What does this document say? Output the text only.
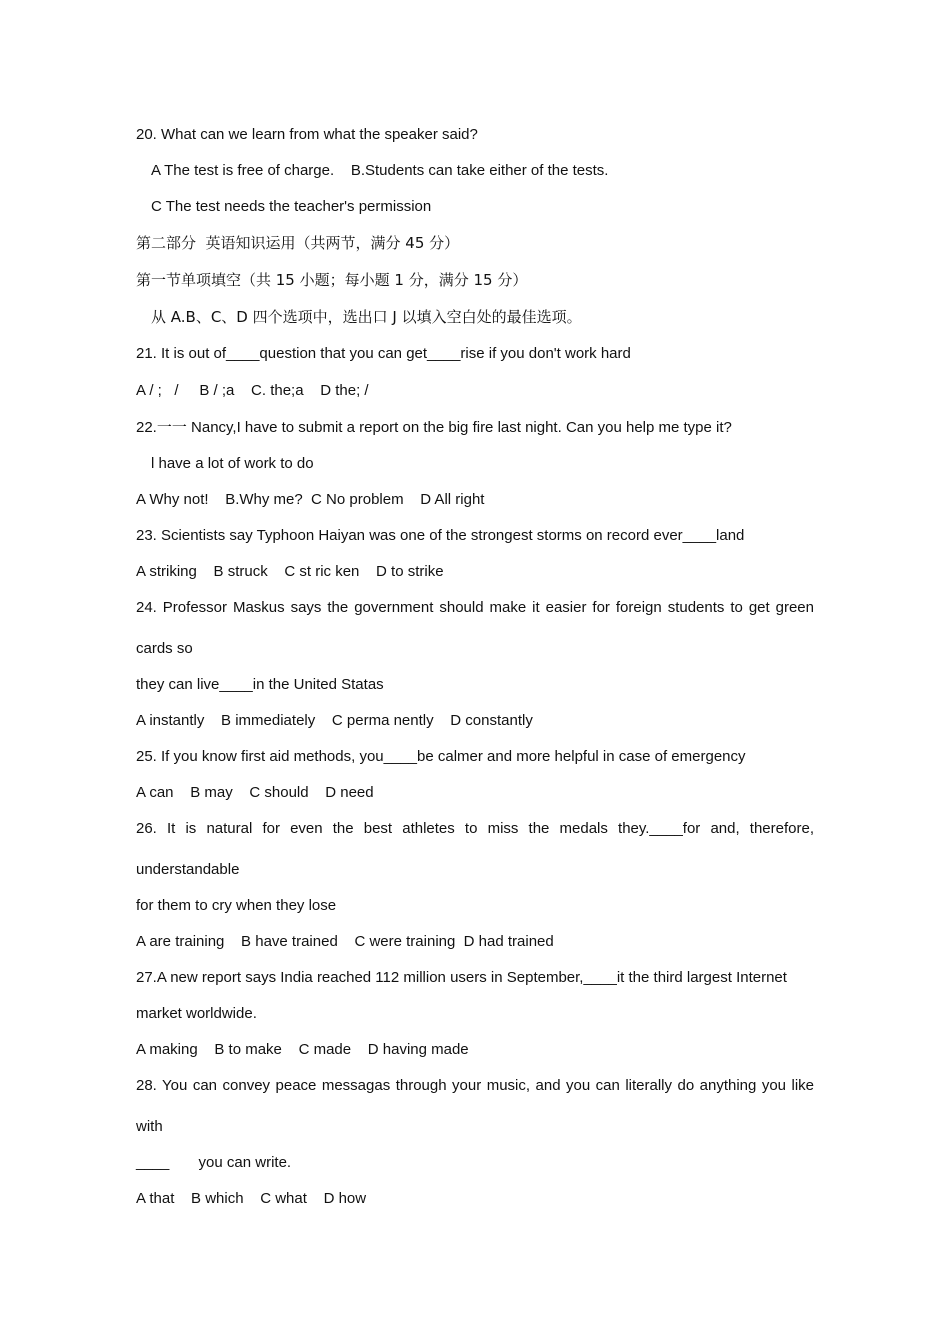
20. What can we learn from what the speaker said?
A The test is free of charge.    B.Students can take either of the tests.
C The test needs the teacher's permission
第二部分  英语知识运用（共两节，满分 45 分）
第一节单项填空（共 15 小题；每小题 1 分，满分 15 分）
从 A.B、C、D 四个选项中，选出口 J 以填入空白处的最佳选项。
21. It is out of____question that you can get____rise if you don't work hard
A / ;   /     B / ;a    C. the;a    D the; /
22.一一 Nancy,I have to submit a report on the big fire last night. Can you help me type it?
l have a lot of work to do
A Why not!    B.Why me?  C No problem    D All right
23. Scientists say Typhoon Haiyan was one of the strongest storms on record ever____land
A striking    B struck    C st ric ken    D to strike
24. Professor Maskus says the government should make it easier for foreign students to get green
cards so
they can live____in the United Statas
A instantly    B immediately    C perma nently    D constantly
25. If you know first aid methods, you____be calmer and more helpful in case of emergency
A can    B may    C should    D need
26. It is natural for even the best athletes to miss the medals they.____for and, therefore,
understandable
for them to cry when they lose
A are training    B have trained    C were training  D had trained
27.A new report says India reached 112 million users in September,____it the third largest Internet
market worldwide.
A making    B to make    C made    D having made
28. You can convey peace messagas through your music, and you can literally do anything you like
with
____       you can write.
A that    B which    C what    D how
